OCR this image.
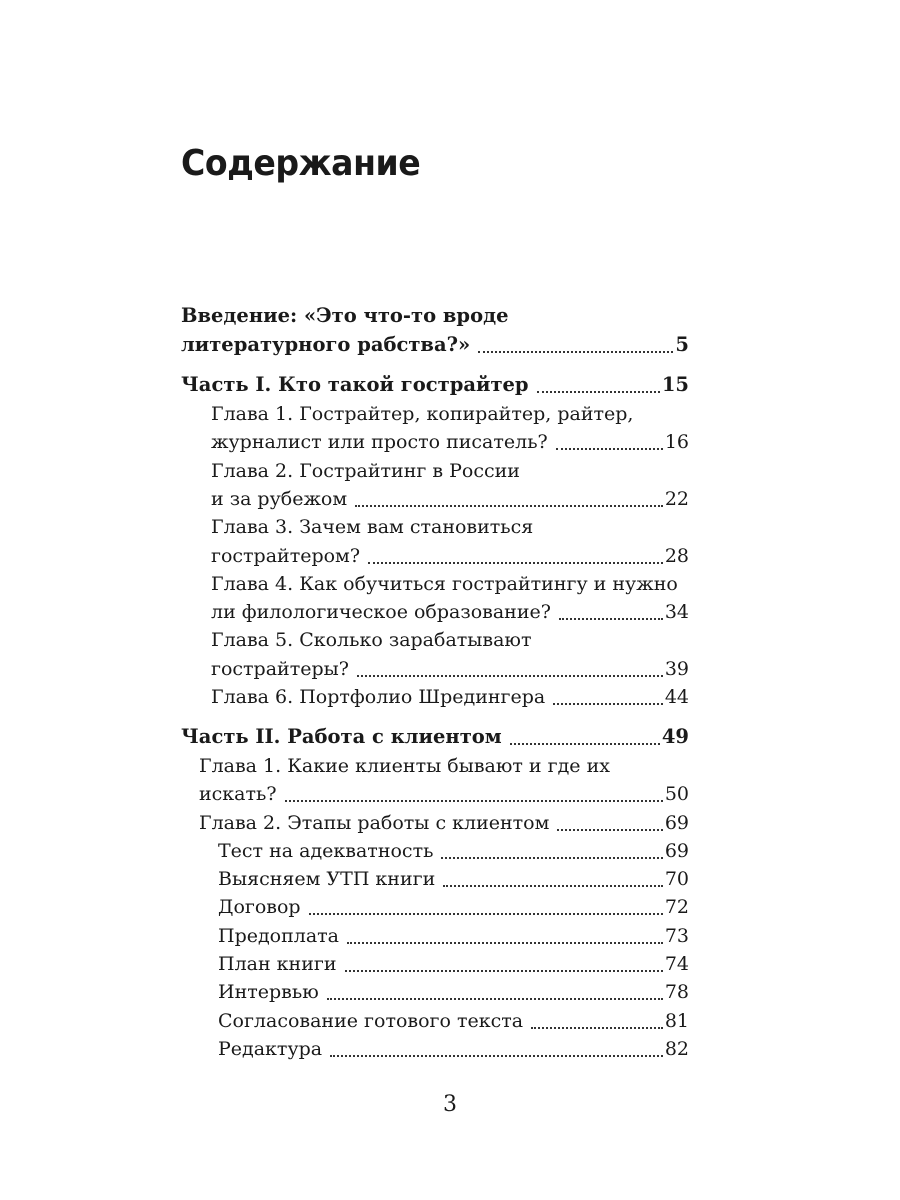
Содержание
Введение: «Это что-то вроде
литературного рабства?»	5
Часть I. Кто такой гострайтер	15
Глава 1. Гострайтер, копирайтер, райтер,
журналист или просто писатель?	16
Глава 2. Гострайтинг в России
и за рубежом	22
Глава 3. Зачем вам становиться
гострайтером?	28
Глава 4. Как обучиться гострайтингу и нужно
ли филологическое образование?	34
Глава 5. Сколько зарабатывают
гострайтеры?	39
Глава 6. Портфолио Шредингера	44
Часть II. Работа с клиентом	49
Глава 1. Какие клиенты бывают и где их
искать?	50
Глава 2. Этапы работы с клиентом	69
Тест на адекватность	69
Выясняем УТП книги	70
Договор	72
Предоплата	73
План книги	74
Интервью	78
Согласование готового текста	81
Редактура	82

3
